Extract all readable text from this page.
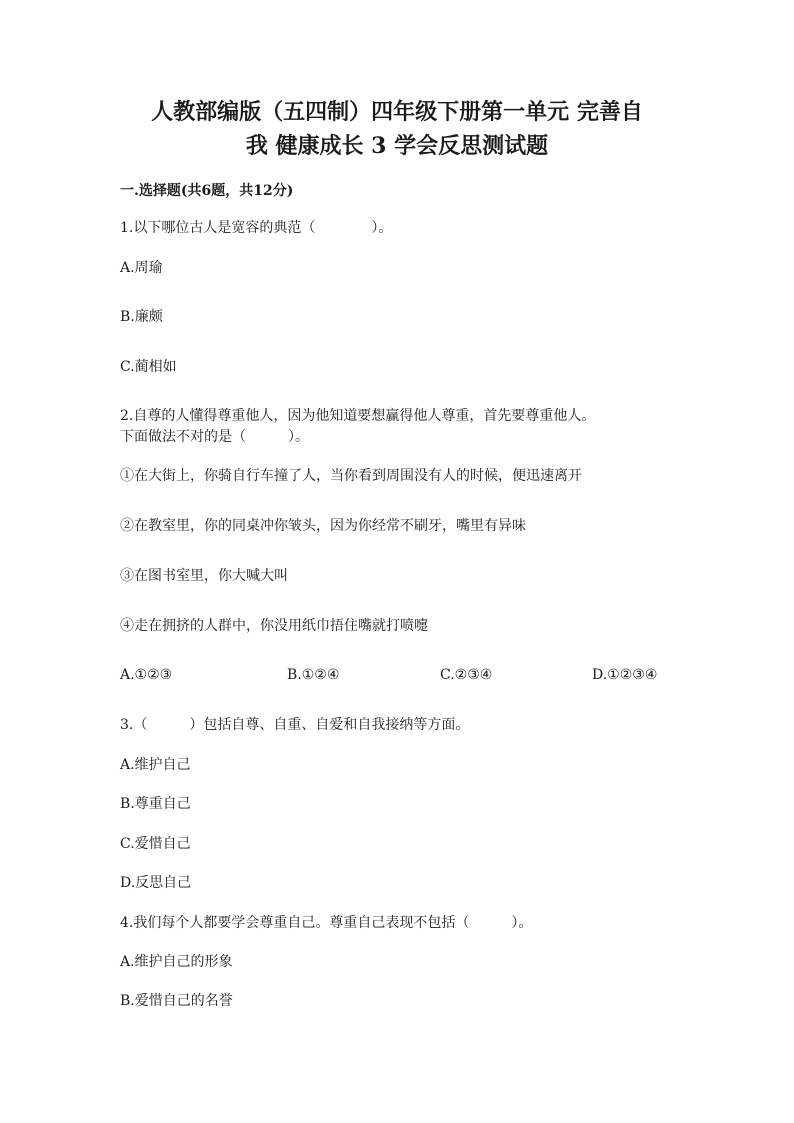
人教部编版（五四制）四年级下册第一单元 完善自
我 健康成长 3 学会反思测试题
一.选择题(共6题，共12分)
1.以下哪位古人是宽容的典范（　　　　）。
A.周瑜
B.廉颇
C.蔺相如
2.自尊的人懂得尊重他人，因为他知道要想赢得他人尊重，首先要尊重他人。
下面做法不对的是（　　　）。
①在大街上，你骑自行车撞了人，当你看到周围没有人的时候，便迅速离开
②在教室里，你的同桌冲你皱头，因为你经常不刷牙，嘴里有异味
③在图书室里，你大喊大叫
④走在拥挤的人群中，你没用纸巾捂住嘴就打喷嚏
A.①②③	B.①②④	C.②③④	D.①②③④
3.（　　　）包括自尊、自重、自爱和自我接纳等方面。
A.维护自己
B.尊重自己
C.爱惜自己
D.反思自己
4.我们每个人都要学会尊重自己。尊重自己表现不包括（　　　）。
A.维护自己的形象
B.爱惜自己的名誉
